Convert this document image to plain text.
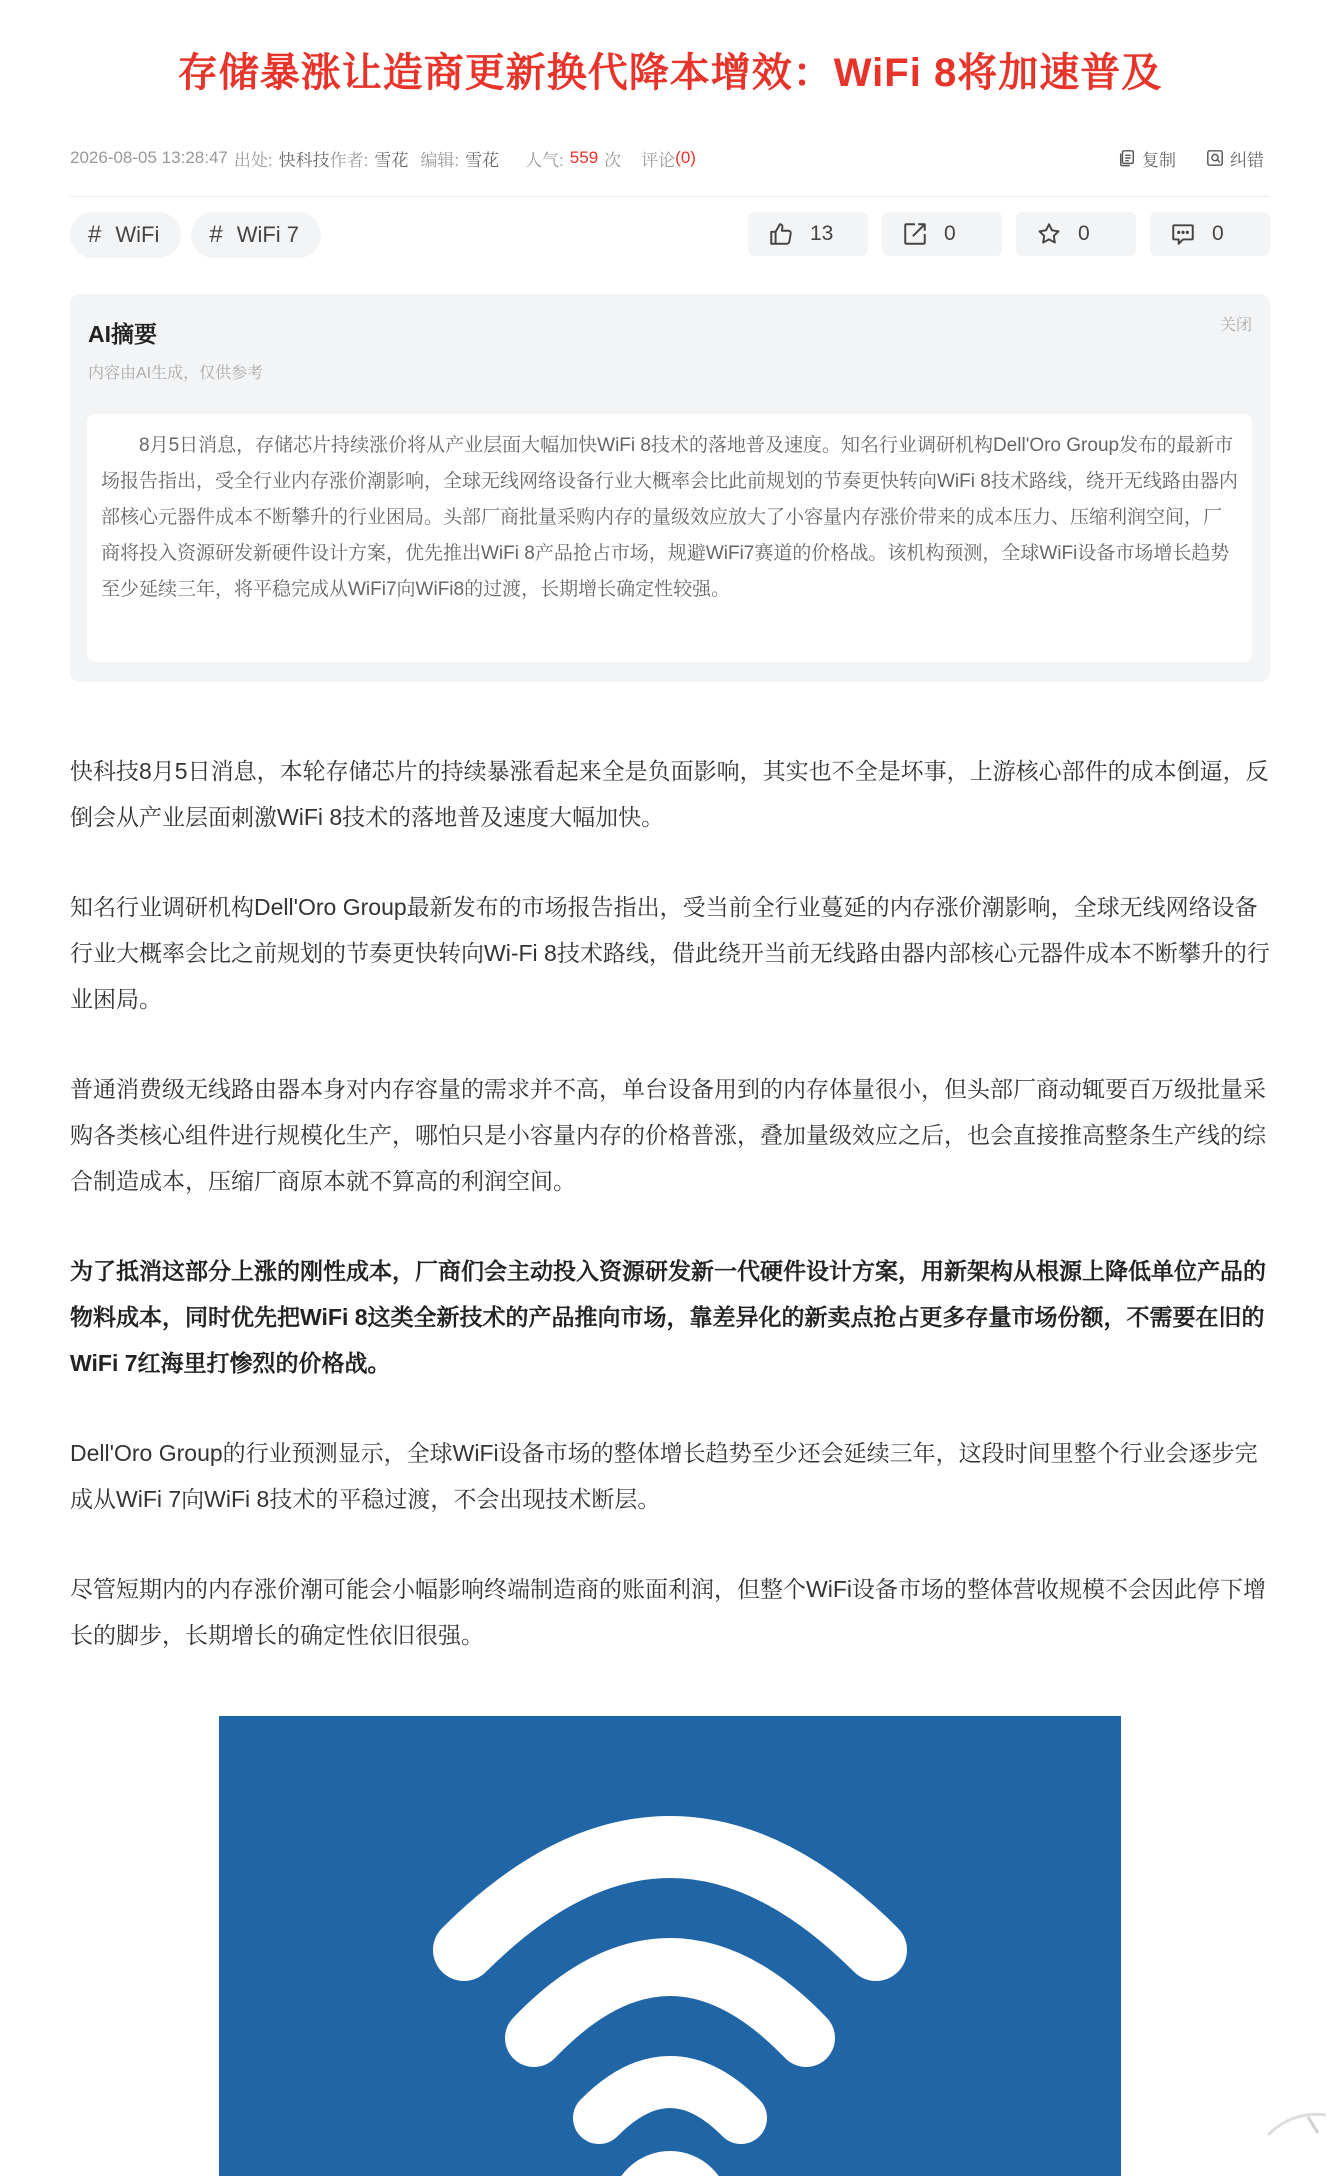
存储暴涨让造商更新换代降本增效：WiFi 8将加速普及
2026-08-05 13:28:47 出处: 快科技 作者: 雪花 编辑: 雪花 人气: 559 次 评论 (0)	复制	纠错
# WiFi # WiFi 7	13	0	0	0
AI摘要
内容由AI生成，仅供参考
关闭

8月5日消息，存储芯片持续涨价将从产业层面大幅加快WiFi 8技术的落地普及速度。知名行业调研机构Dell'Oro Group发布的最新市场报告指出，受全行业内存涨价潮影响，全球无线网络设备行业大概率会比此前规划的节奏更快转向WiFi 8技术路线，绕开无线路由器内部核心元器件成本不断攀升的行业困局。头部厂商批量采购内存的量级效应放大了小容量内存涨价带来的成本压力、压缩利润空间，厂商将投入资源研发新硬件设计方案，优先推出WiFi 8产品抢占市场，规避WiFi7赛道的价格战。该机构预测，全球WiFi设备市场增长趋势至少延续三年，将平稳完成从WiFi7向WiFi8的过渡，长期增长确定性较强。

快科技8月5日消息，本轮存储芯片的持续暴涨看起来全是负面影响，其实也不全是坏事，上游核心部件的成本倒逼，反倒会从产业层面刺激WiFi 8技术的落地普及速度大幅加快。

知名行业调研机构Dell'Oro Group最新发布的市场报告指出，受当前全行业蔓延的内存涨价潮影响，全球无线网络设备行业大概率会比之前规划的节奏更快转向Wi-Fi 8技术路线，借此绕开当前无线路由器内部核心元器件成本不断攀升的行业困局。

普通消费级无线路由器本身对内存容量的需求并不高，单台设备用到的内存体量很小，但头部厂商动辄要百万级批量采购各类核心组件进行规模化生产，哪怕只是小容量内存的价格普涨，叠加量级效应之后，也会直接推高整条生产线的综合制造成本，压缩厂商原本就不算高的利润空间。

为了抵消这部分上涨的刚性成本，厂商们会主动投入资源研发新一代硬件设计方案，用新架构从根源上降低单位产品的物料成本，同时优先把WiFi 8这类全新技术的产品推向市场，靠差异化的新卖点抢占更多存量市场份额，不需要在旧的WiFi 7红海里打惨烈的价格战。

Dell'Oro Group的行业预测显示，全球WiFi设备市场的整体增长趋势至少还会延续三年，这段时间里整个行业会逐步完成从WiFi 7向WiFi 8技术的平稳过渡，不会出现技术断层。

尽管短期内的内存涨价潮可能会小幅影响终端制造商的账面利润，但整个WiFi设备市场的整体营收规模不会因此停下增长的脚步，长期增长的确定性依旧很强。
